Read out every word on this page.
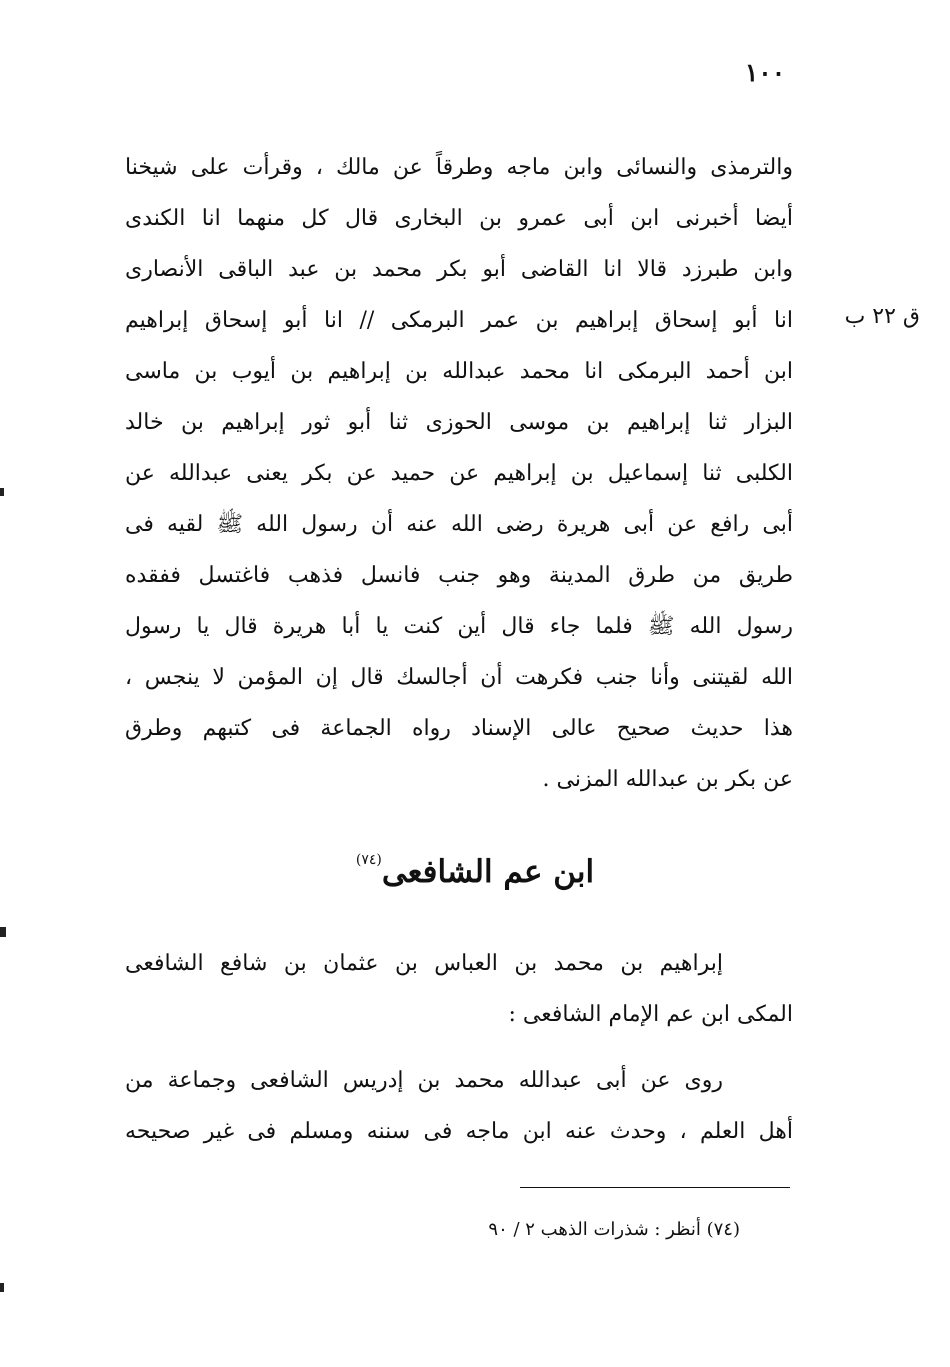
١٠٠
ق ٢٢ ب
والترمذى والنسائى وابن ماجه وطرقاً عن مالك ، وقرأت على شيخنا
أيضا أخبرنى ابن أبى عمرو بن البخارى قال كل منهما انا الكندى
وابن طبرزد قالا انا القاضى أبو بكر محمد بن عبد الباقى الأنصارى
انا أبو إسحاق إبراهيم بن عمر البرمكى // انا أبو إسحاق إبراهيم
ابن أحمد البرمكى انا محمد عبدالله بن إبراهيم بن أيوب بن ماسى
البزار ثنا إبراهيم بن موسى الحوزى ثنا أبو ثور إبراهيم بن خالد
الكلبى ثنا إسماعيل بن إبراهيم عن حميد عن بكر يعنى عبدالله عن
أبى رافع عن أبى هريرة رضى الله عنه أن رسول الله ﷺ لقيه فى
طريق من طرق المدينة وهو جنب فانسل فذهب فاغتسل ففقده
رسول الله ﷺ فلما جاء قال أين كنت يا أبا هريرة قال يا رسول
الله لقيتنى وأنا جنب فكرهت أن أجالسك قال إن المؤمن لا ينجس ،
هذا حديث صحيح عالى الإسناد رواه الجماعة فى كتبهم وطرق
عن بكر بن عبدالله المزنى .
ابن عم الشافعى$^{(٧٤)}$
إبراهيم بن محمد بن العباس بن عثمان بن شافع الشافعى
المكى ابن عم الإمام الشافعى :
روى عن أبى عبدالله محمد بن إدريس الشافعى وجماعة من
أهل العلم ، وحدث عنه ابن ماجه فى سننه ومسلم فى غير صحيحه
(٧٤) أنظر : شذرات الذهب ٢ / ٩٠
